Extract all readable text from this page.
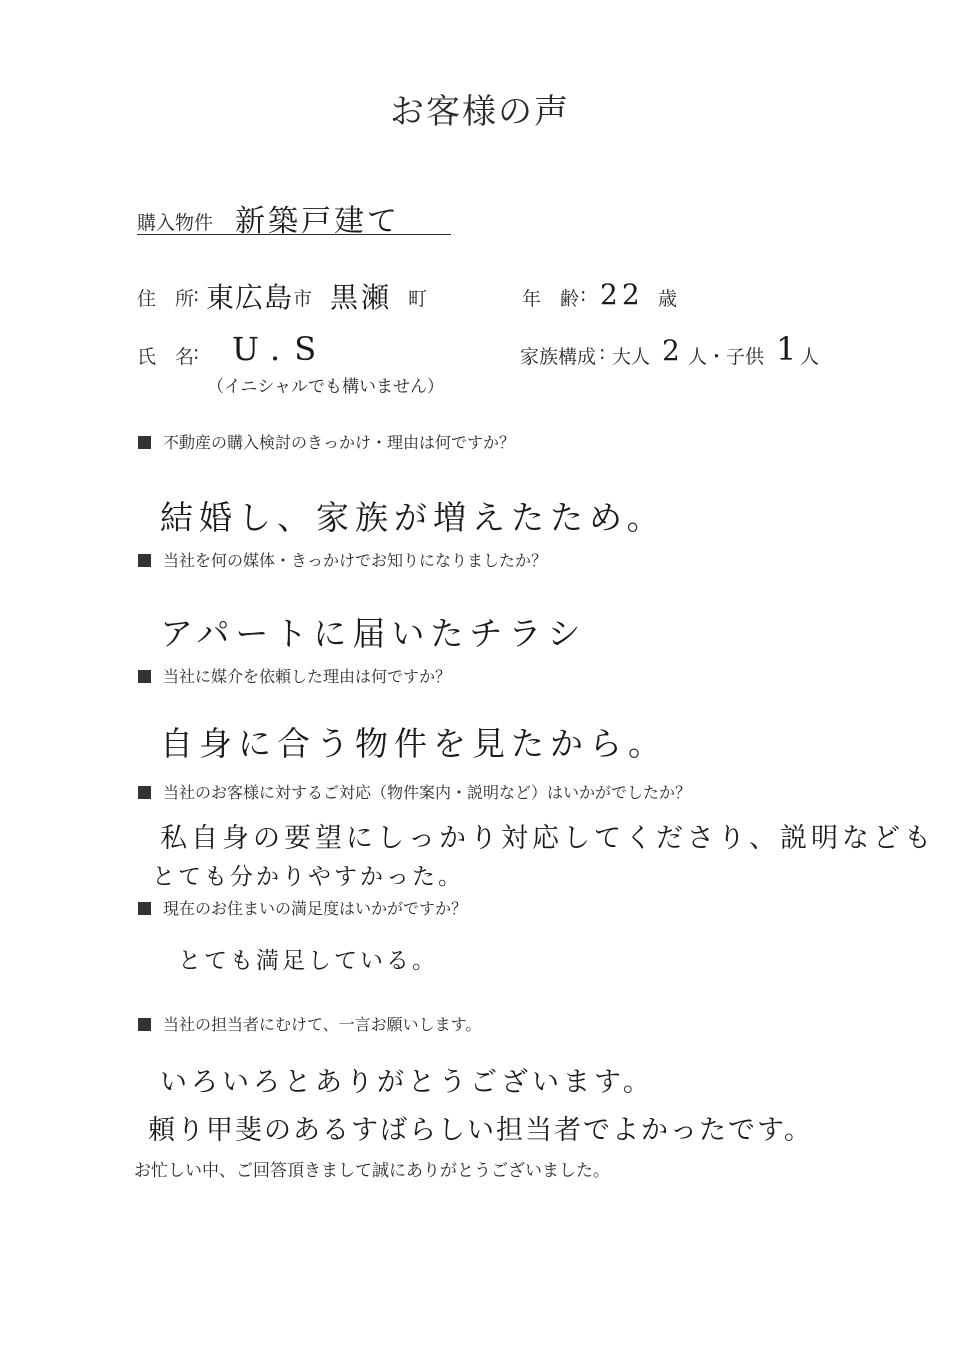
お客様の声
購入物件 新築戸建て
住　所
: 東広島 市 黒瀬 町	年　齢 : 22 歳
氏　名
: U.S
（イニシャルでも構いません）
家族構成 : 大人 2 人・子供 1 人
不動産の購入検討のきっかけ・理由は何ですか？
結婚し、家族が増えたため。
当社を何の媒体・きっかけでお知りになりましたか？
アパートに届いたチラシ
当社に媒介を依頼した理由は何ですか？
自身に合う物件を見たから。
当社のお客様に対するご対応（物件案内・説明など）はいかがでしたか？
私自身の要望にしっかり対応してくださり、説明なども
とても分かりやすかった。
現在のお住まいの満足度はいかがですか？
とても満足している。
当社の担当者にむけて、一言お願いします。
いろいろとありがとうございます。
頼り甲斐のあるすばらしい担当者でよかったです。
お忙しい中、ご回答頂きまして誠にありがとうございました。
